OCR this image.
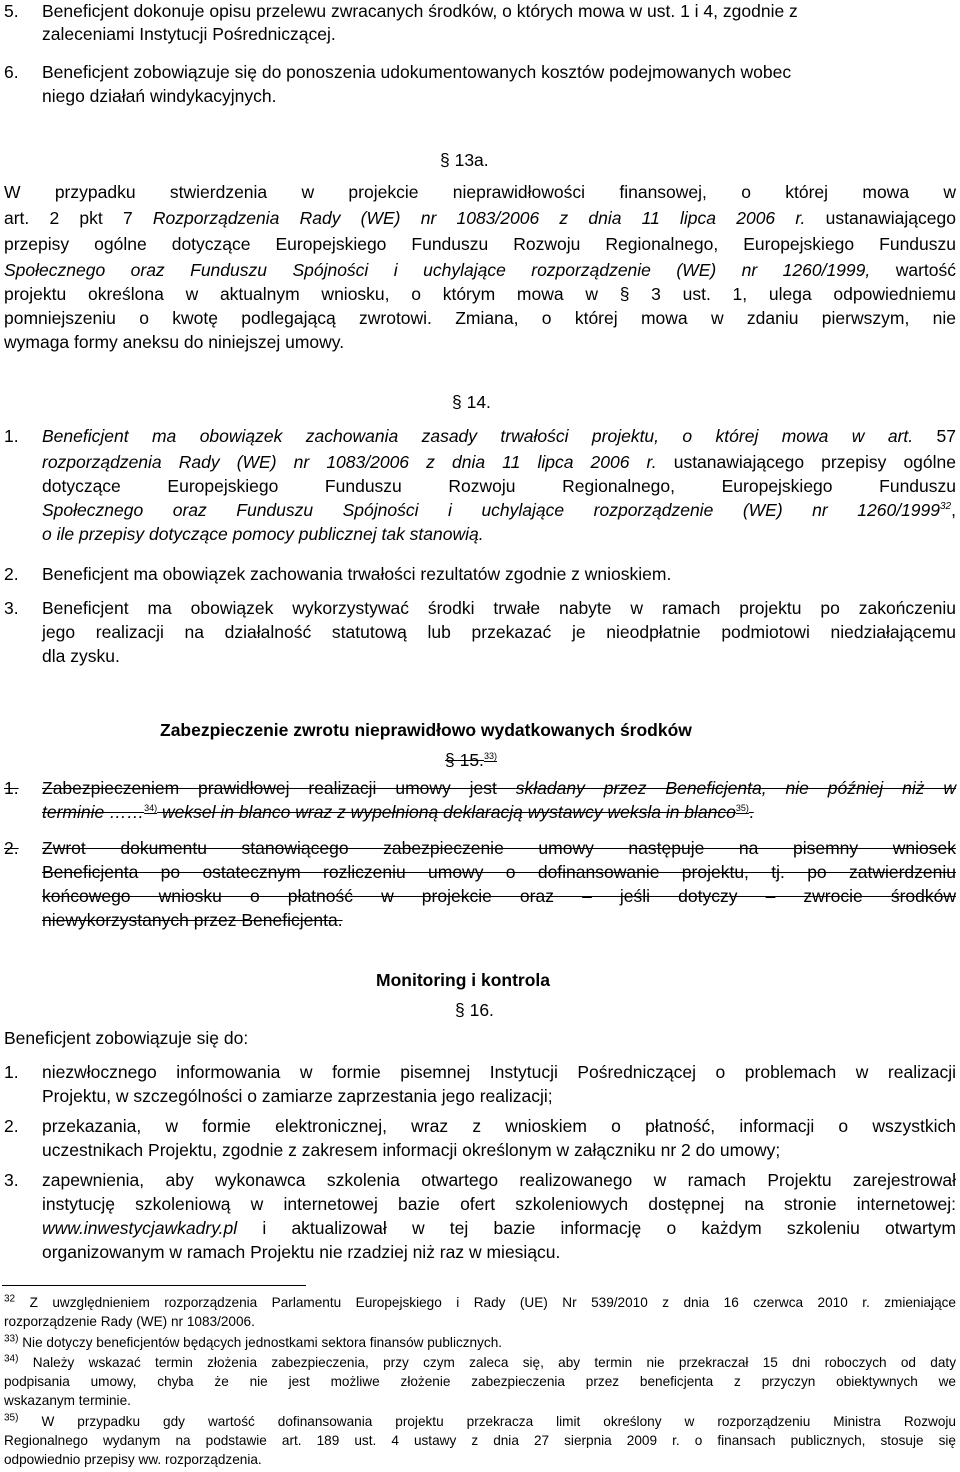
5. Beneficjent dokonuje opisu przelewu zwracanych środków, o których mowa w ust. 1 i 4, zgodnie z
zaleceniami Instytucji Pośredniczącej.
6. Beneficjent zobowiązuje się do ponoszenia udokumentowanych kosztów podejmowanych wobec
niego działań windykacyjnych.
§ 13a.
W przypadku stwierdzenia w projekcie nieprawidłowości finansowej, o której mowa w
art. 2 pkt 7 Rozporządzenia Rady (WE) nr 1083/2006 z dnia 11 lipca 2006 r. ustanawiającego
przepisy ogólne dotyczące Europejskiego Funduszu Rozwoju Regionalnego, Europejskiego Funduszu
Społecznego oraz Funduszu Spójności i uchylające rozporządzenie (WE) nr 1260/1999, wartość
projektu określona w aktualnym wniosku, o którym mowa w § 3 ust. 1, ulega odpowiedniemu
pomniejszeniu o kwotę podlegającą zwrotowi. Zmiana, o której mowa w zdaniu pierwszym, nie
wymaga formy aneksu do niniejszej umowy.
§ 14.
1. Beneficjent ma obowiązek zachowania zasady trwałości projektu, o której mowa w art. 57
rozporządzenia Rady (WE) nr 1083/2006 z dnia 11 lipca 2006 r. ustanawiającego przepisy ogólne
dotyczące Europejskiego Funduszu Rozwoju Regionalnego, Europejskiego Funduszu
Społecznego oraz Funduszu Spójności i uchylające rozporządzenie (WE) nr 1260/1999$^{32}$,
o ile przepisy dotyczące pomocy publicznej tak stanowią.
2. Beneficjent ma obowiązek zachowania trwałości rezultatów zgodnie z wnioskiem.
3. Beneficjent ma obowiązek wykorzystywać środki trwałe nabyte w ramach projektu po zakończeniu
jego realizacji na działalność statutową lub przekazać je nieodpłatnie podmiotowi niedziałającemu
dla zysku.
Zabezpieczenie zwrotu nieprawidłowo wydatkowanych środków
§ 15.$^{33)}$
1. Zabezpieczeniem prawidłowej realizacji umowy jest składany przez Beneficjenta, nie później niż w
terminie ……$^{34)}$ weksel in blanco wraz z wypełnioną deklaracją wystawcy weksla in blanco$^{35)}$.
2. Zwrot dokumentu stanowiącego zabezpieczenie umowy następuje na pisemny wniosek
Beneficjenta po ostatecznym rozliczeniu umowy o dofinansowanie projektu, tj. po zatwierdzeniu
końcowego wniosku o płatność w projekcie oraz – jeśli dotyczy – zwrocie środków
niewykorzystanych przez Beneficjenta.
Monitoring i kontrola
§ 16.
Beneficjent zobowiązuje się do:
1. niezwłocznego informowania w formie pisemnej Instytucji Pośredniczącej o problemach w realizacji
Projektu, w szczególności o zamiarze zaprzestania jego realizacji;
2. przekazania, w formie elektronicznej, wraz z wnioskiem o płatność, informacji o wszystkich
uczestnikach Projektu, zgodnie z zakresem informacji określonym w załączniku nr 2 do umowy;
3. zapewnienia, aby wykonawca szkolenia otwartego realizowanego w ramach Projektu zarejestrował
instytucję szkoleniową w internetowej bazie ofert szkoleniowych dostępnej na stronie internetowej:
www.inwestycjawkadry.pl i aktualizował w tej bazie informację o każdym szkoleniu otwartym
organizowanym w ramach Projektu nie rzadziej niż raz w miesiącu.
$^{32}$ Z uwzględnieniem rozporządzenia Parlamentu Europejskiego i Rady (UE) Nr 539/2010 z dnia 16 czerwca 2010 r. zmieniające
rozporządzenie Rady (WE) nr 1083/2006.
$^{33)}$ Nie dotyczy beneficjentów będących jednostkami sektora finansów publicznych.
$^{34)}$ Należy wskazać termin złożenia zabezpieczenia, przy czym zaleca się, aby termin nie przekraczał 15 dni roboczych od daty
podpisania umowy, chyba że nie jest możliwe złożenie zabezpieczenia przez beneficjenta z przyczyn obiektywnych we
wskazanym terminie.
$^{35)}$ W przypadku gdy wartość dofinansowania projektu przekracza limit określony w rozporządzeniu Ministra Rozwoju
Regionalnego wydanym na podstawie art. 189 ust. 4 ustawy z dnia 27 sierpnia 2009 r. o finansach publicznych, stosuje się
odpowiednio przepisy ww. rozporządzenia.
